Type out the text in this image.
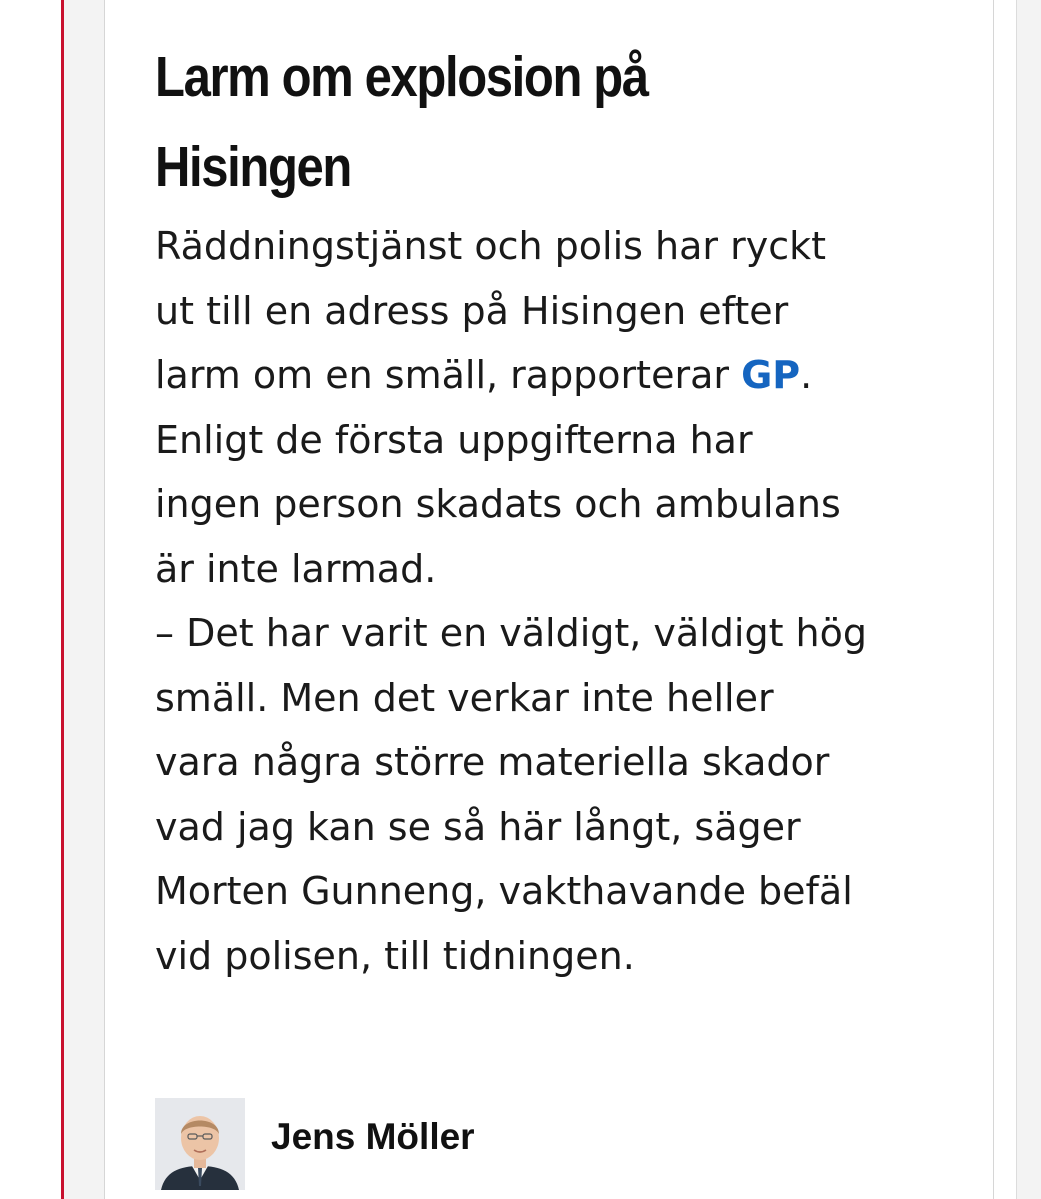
Larm om explosion på Hisingen

Räddningstjänst och polis har ryckt
ut till en adress på Hisingen efter
larm om en smäll, rapporterar GP.
Enligt de första uppgifterna har
ingen person skadats och ambulans
är inte larmad.
– Det har varit en väldigt, väldigt hög
smäll. Men det verkar inte heller
vara några större materiella skador
vad jag kan se så här långt, säger
Morten Gunneng, vakthavande befäl
vid polisen, till tidningen.

Jens Möller
